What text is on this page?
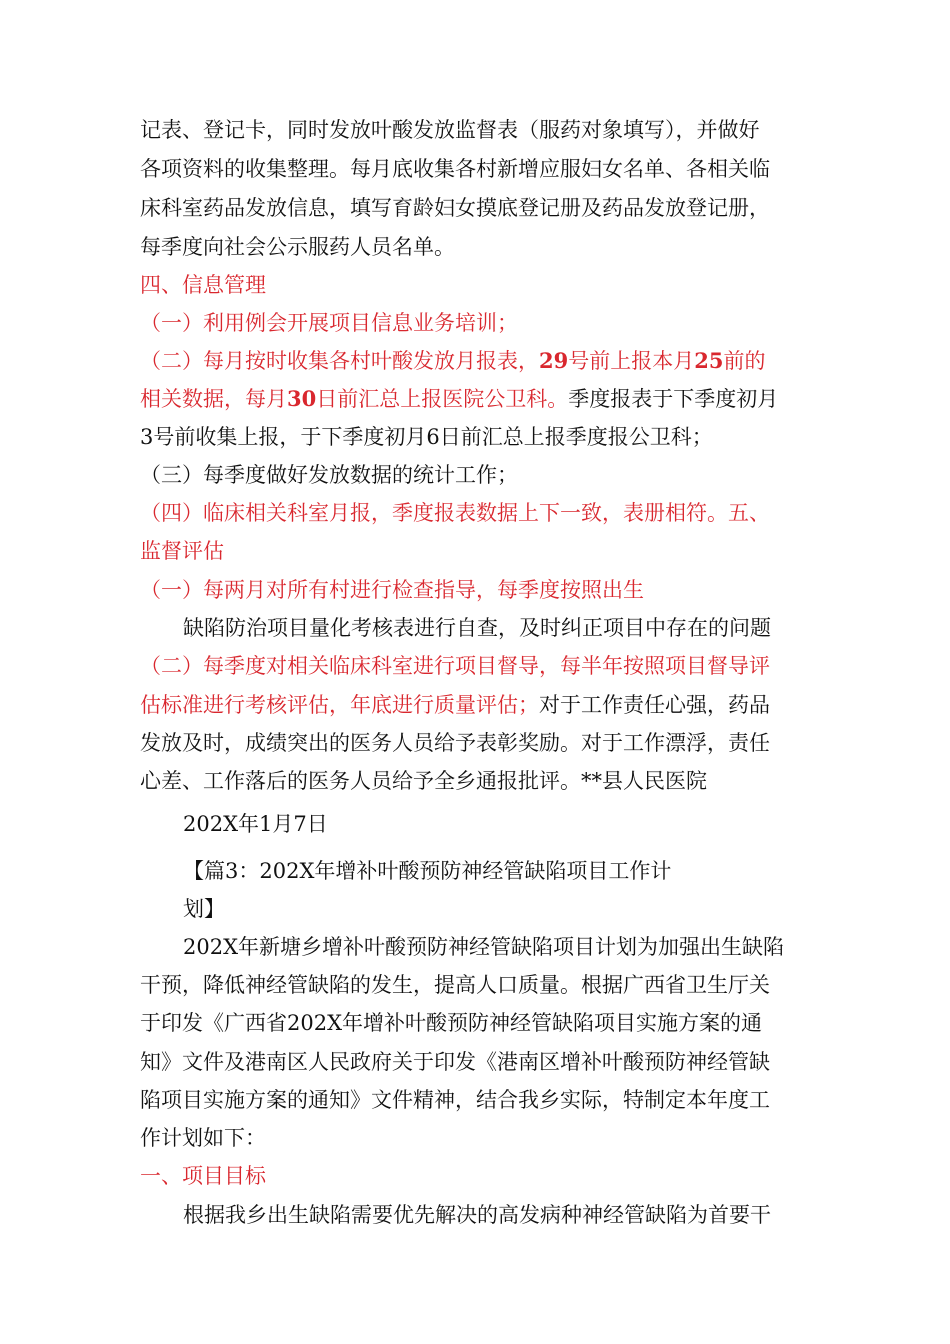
记表、登记卡，同时发放叶酸发放监督表（服药对象填写），并做好

各项资料的收集整理。每月底收集各村新增应服妇女名单、各相关临

床科室药品发放信息，填写育龄妇女摸底登记册及药品发放登记册，

每季度向社会公示服药人员名单。

四、信息管理

（一）利用例会开展项目信息业务培训；

（二）每月按时收集各村叶酸发放月报表，29号前上报本月25前的

相关数据，每月30日前汇总上报医院公卫科。季度报表于下季度初月

3号前收集上报，于下季度初月6日前汇总上报季度报公卫科；

（三）每季度做好发放数据的统计工作；

（四）临床相关科室月报，季度报表数据上下一致，表册相符。五、

监督评估

（一）每两月对所有村进行检查指导，每季度按照出生

缺陷防治项目量化考核表进行自查，及时纠正项目中存在的问题

（二）每季度对相关临床科室进行项目督导，每半年按照项目督导评

估标准进行考核评估，年底进行质量评估；对于工作责任心强，药品

发放及时，成绩突出的医务人员给予表彰奖励。对于工作漂浮，责任

心差、工作落后的医务人员给予全乡通报批评。**县人民医院

202X年1月7日

【篇3：202X年增补叶酸预防神经管缺陷项目工作计

划】

202X年新塘乡增补叶酸预防神经管缺陷项目计划为加强出生缺陷

干预，降低神经管缺陷的发生，提高人口质量。根据广西省卫生厅关

于印发《广西省202X年增补叶酸预防神经管缺陷项目实施方案的通

知》文件及港南区人民政府关于印发《港南区增补叶酸预防神经管缺

陷项目实施方案的通知》文件精神，结合我乡实际，特制定本年度工

作计划如下：

一、项目目标

根据我乡出生缺陷需要优先解决的高发病种神经管缺陷为首要干
